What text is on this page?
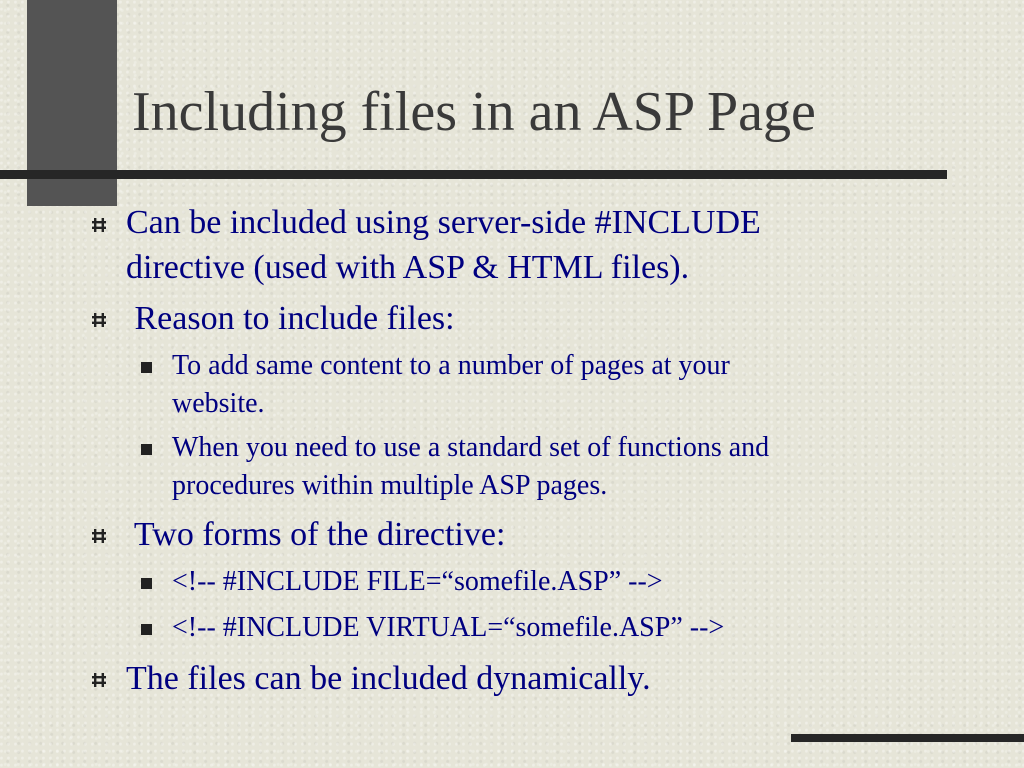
Including files in an ASP Page
Can be included using server-side #INCLUDE
directive (used with ASP & HTML files).
Reason to include files:
To add same content to a number of pages at your
website.
When you need to use a standard set of functions and
procedures within multiple ASP pages.
Two forms of the directive:
<!-- #INCLUDE FILE=“somefile.ASP” -->
<!-- #INCLUDE VIRTUAL=“somefile.ASP” -->
The files can be included dynamically.
